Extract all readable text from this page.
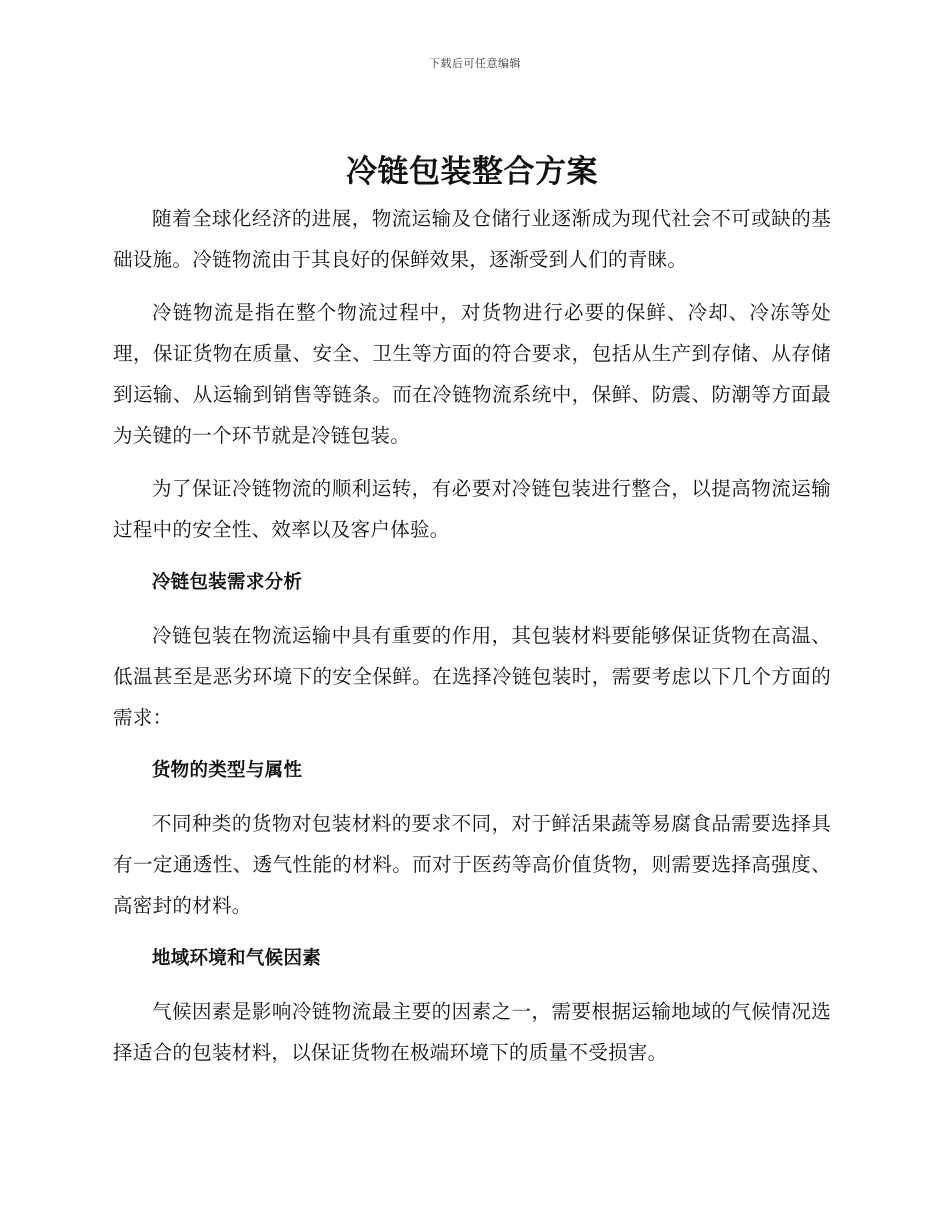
下载后可任意编辑
冷链包装整合方案

随着全球化经济的进展，物流运输及仓储行业逐渐成为现代社会不可或缺的基础设施。冷链物流由于其良好的保鲜效果，逐渐受到人们的青睐。

冷链物流是指在整个物流过程中，对货物进行必要的保鲜、冷却、冷冻等处理，保证货物在质量、安全、卫生等方面的符合要求，包括从生产到存储、从存储到运输、从运输到销售等链条。而在冷链物流系统中，保鲜、防震、防潮等方面最为关键的一个环节就是冷链包装。

为了保证冷链物流的顺利运转，有必要对冷链包装进行整合，以提高物流运输过程中的安全性、效率以及客户体验。

冷链包装需求分析

冷链包装在物流运输中具有重要的作用，其包装材料要能够保证货物在高温、低温甚至是恶劣环境下的安全保鲜。在选择冷链包装时，需要考虑以下几个方面的需求：

货物的类型与属性

不同种类的货物对包装材料的要求不同，对于鲜活果蔬等易腐食品需要选择具有一定通透性、透气性能的材料。而对于医药等高价值货物，则需要选择高强度、高密封的材料。

地域环境和气候因素

气候因素是影响冷链物流最主要的因素之一，需要根据运输地域的气候情况选择适合的包装材料，以保证货物在极端环境下的质量不受损害。
